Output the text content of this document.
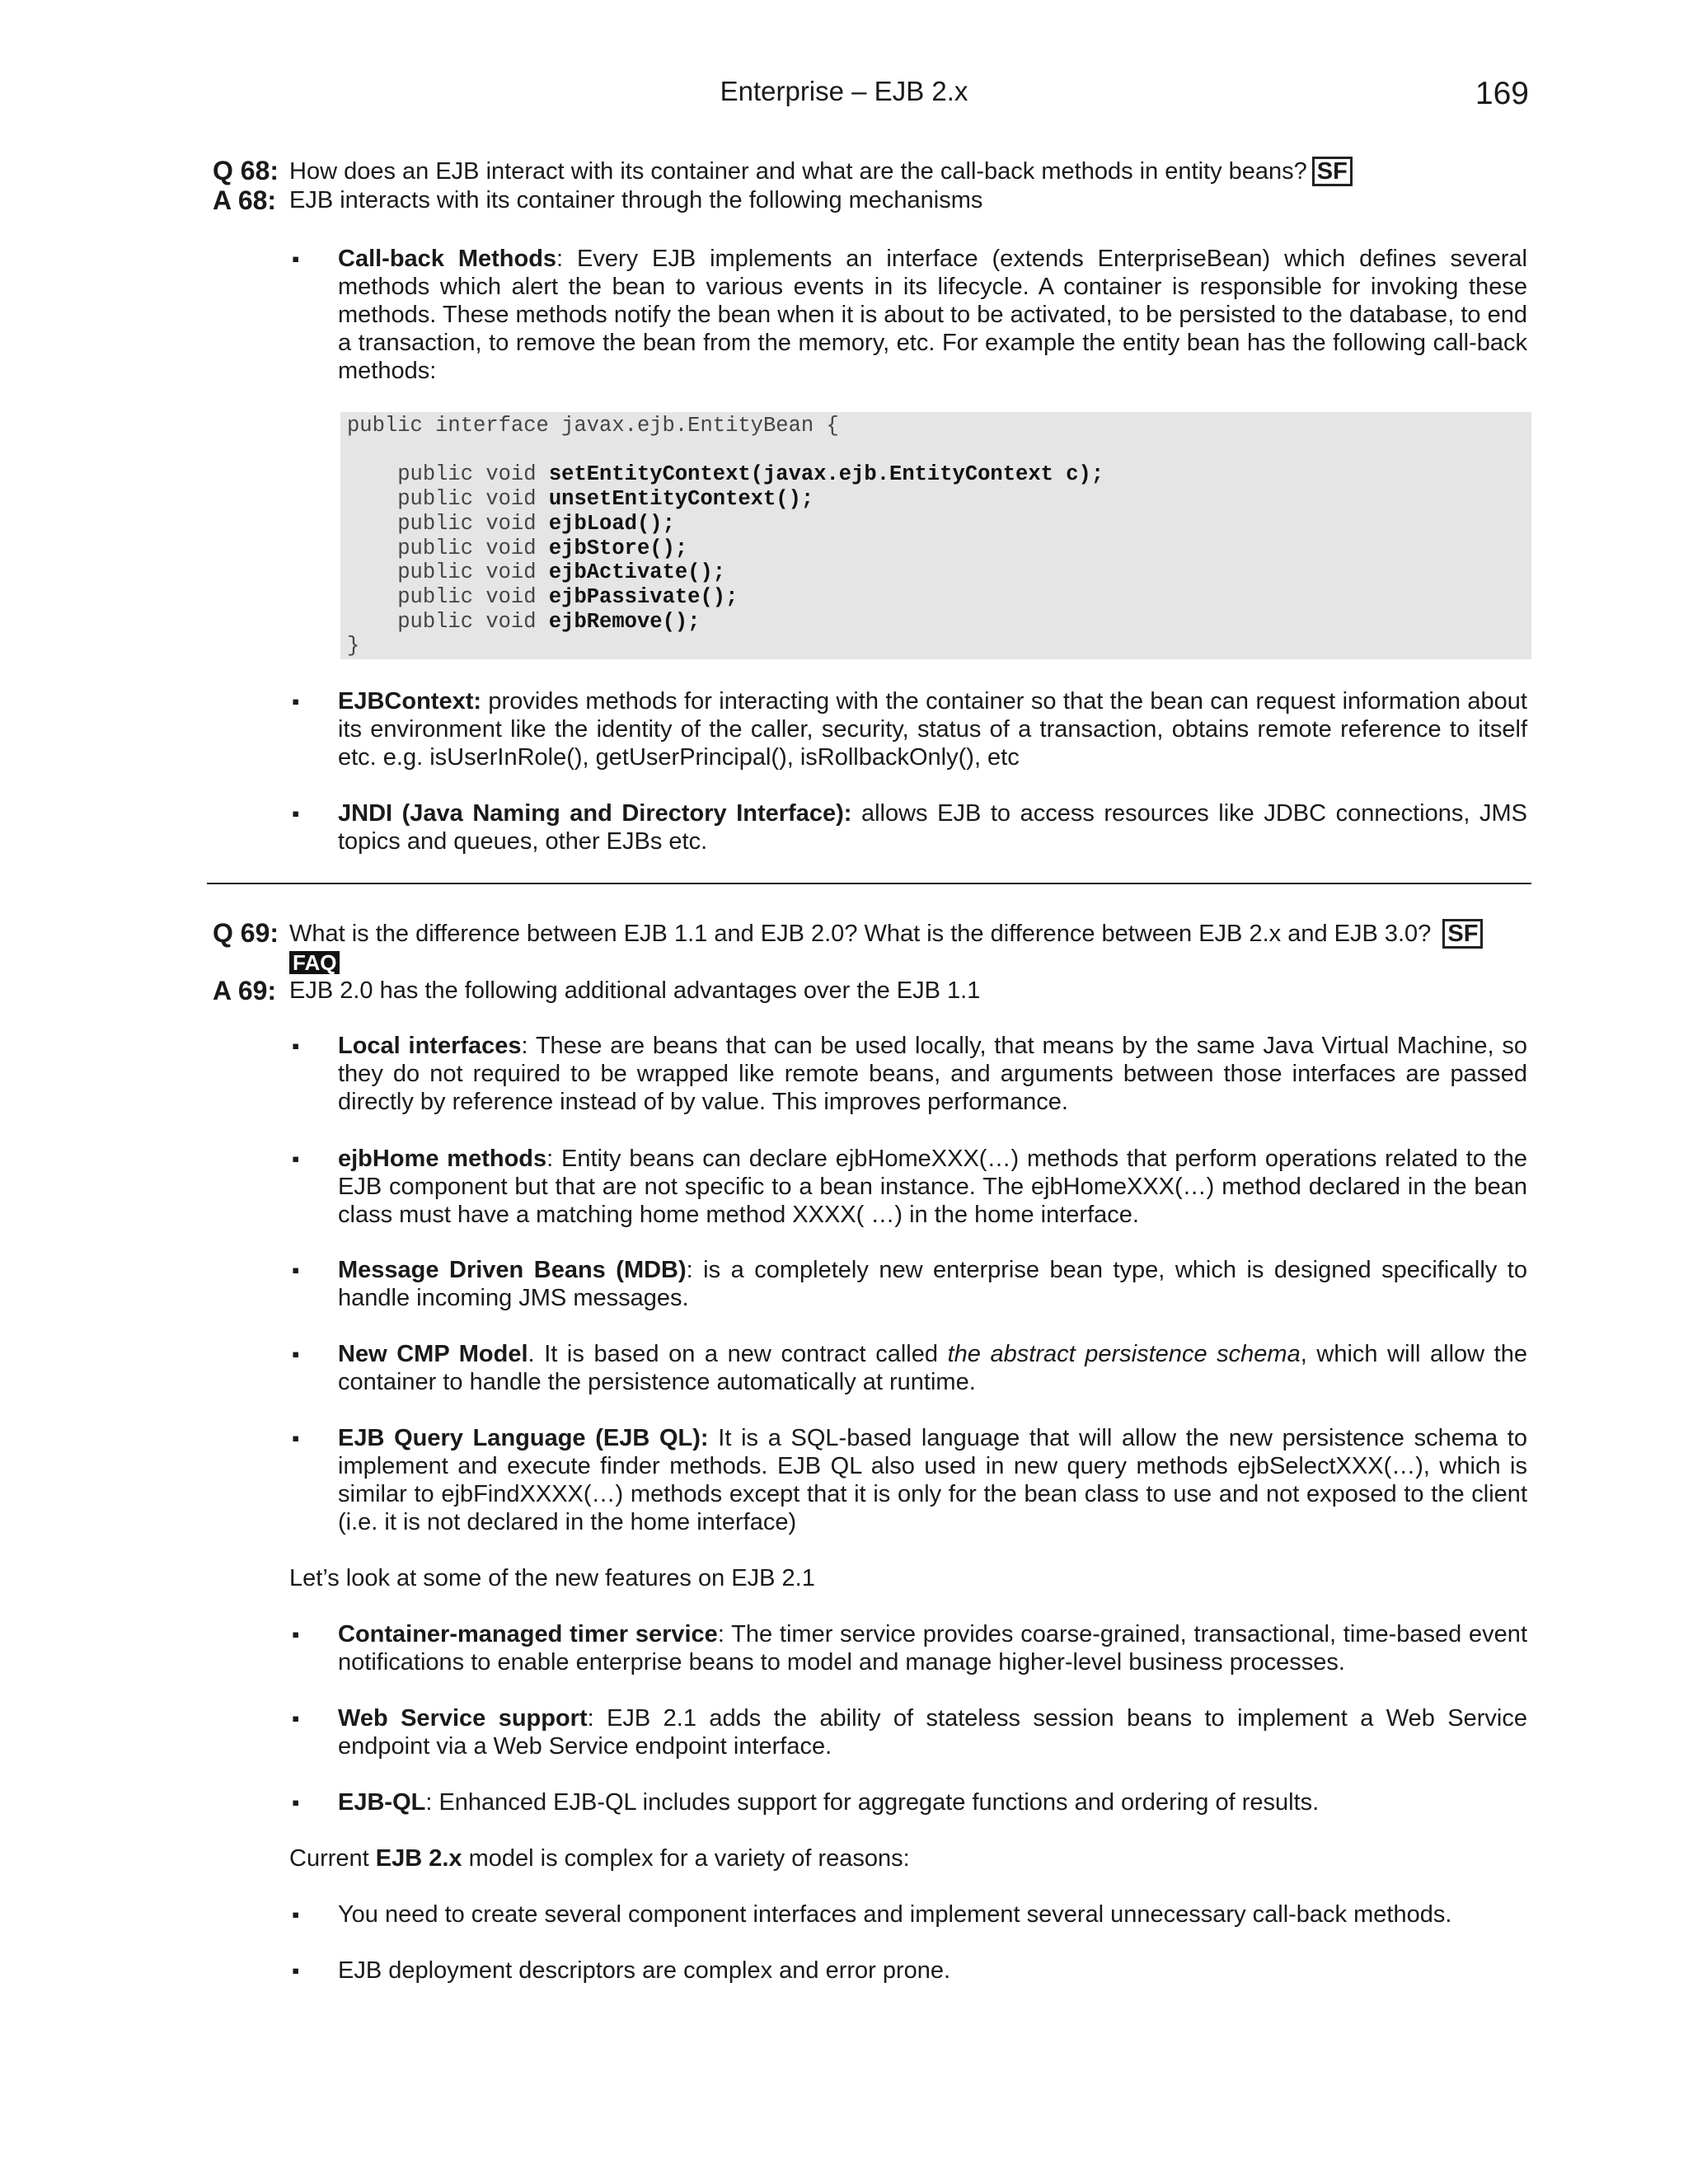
Enterprise – EJB 2.x	169
Q 68: How does an EJB interact with its container and what are the call-back methods in entity beans? SF
A 68: EJB interacts with its container through the following mechanisms
▪ Call-back Methods: Every EJB implements an interface (extends EnterpriseBean) which defines several methods which alert the bean to various events in its lifecycle. A container is responsible for invoking these methods. These methods notify the bean when it is about to be activated, to be persisted to the database, to end a transaction, to remove the bean from the memory, etc. For example the entity bean has the following call-back methods:
public interface javax.ejb.EntityBean {

public void setEntityContext(javax.ejb.EntityContext c);
public void unsetEntityContext();
public void ejbLoad();
public void ejbStore();
public void ejbActivate();
public void ejbPassivate();
public void ejbRemove();
}
▪ EJBContext: provides methods for interacting with the container so that the bean can request information about its environment like the identity of the caller, security, status of a transaction, obtains remote reference to itself etc. e.g. isUserInRole(), getUserPrincipal(), isRollbackOnly(), etc
▪ JNDI (Java Naming and Directory Interface): allows EJB to access resources like JDBC connections, JMS topics and queues, other EJBs etc.
Q 69: What is the difference between EJB 1.1 and EJB 2.0? What is the difference between EJB 2.x and EJB 3.0? SF
FAQ
A 69: EJB 2.0 has the following additional advantages over the EJB 1.1
▪ Local interfaces: These are beans that can be used locally, that means by the same Java Virtual Machine, so they do not required to be wrapped like remote beans, and arguments between those interfaces are passed directly by reference instead of by value. This improves performance.
▪ ejbHome methods: Entity beans can declare ejbHomeXXX(…) methods that perform operations related to the EJB component but that are not specific to a bean instance. The ejbHomeXXX(…) method declared in the bean class must have a matching home method XXXX( …) in the home interface.
▪ Message Driven Beans (MDB): is a completely new enterprise bean type, which is designed specifically to handle incoming JMS messages.
▪ New CMP Model. It is based on a new contract called the abstract persistence schema, which will allow the container to handle the persistence automatically at runtime.
▪ EJB Query Language (EJB QL): It is a SQL-based language that will allow the new persistence schema to implement and execute finder methods. EJB QL also used in new query methods ejbSelectXXX(…), which is similar to ejbFindXXXX(…) methods except that it is only for the bean class to use and not exposed to the client (i.e. it is not declared in the home interface)
Let’s look at some of the new features on EJB 2.1
▪ Container-managed timer service: The timer service provides coarse-grained, transactional, time-based event notifications to enable enterprise beans to model and manage higher-level business processes.
▪ Web Service support: EJB 2.1 adds the ability of stateless session beans to implement a Web Service endpoint via a Web Service endpoint interface.
▪ EJB-QL: Enhanced EJB-QL includes support for aggregate functions and ordering of results.
Current EJB 2.x model is complex for a variety of reasons:
▪ You need to create several component interfaces and implement several unnecessary call-back methods.
▪ EJB deployment descriptors are complex and error prone.
